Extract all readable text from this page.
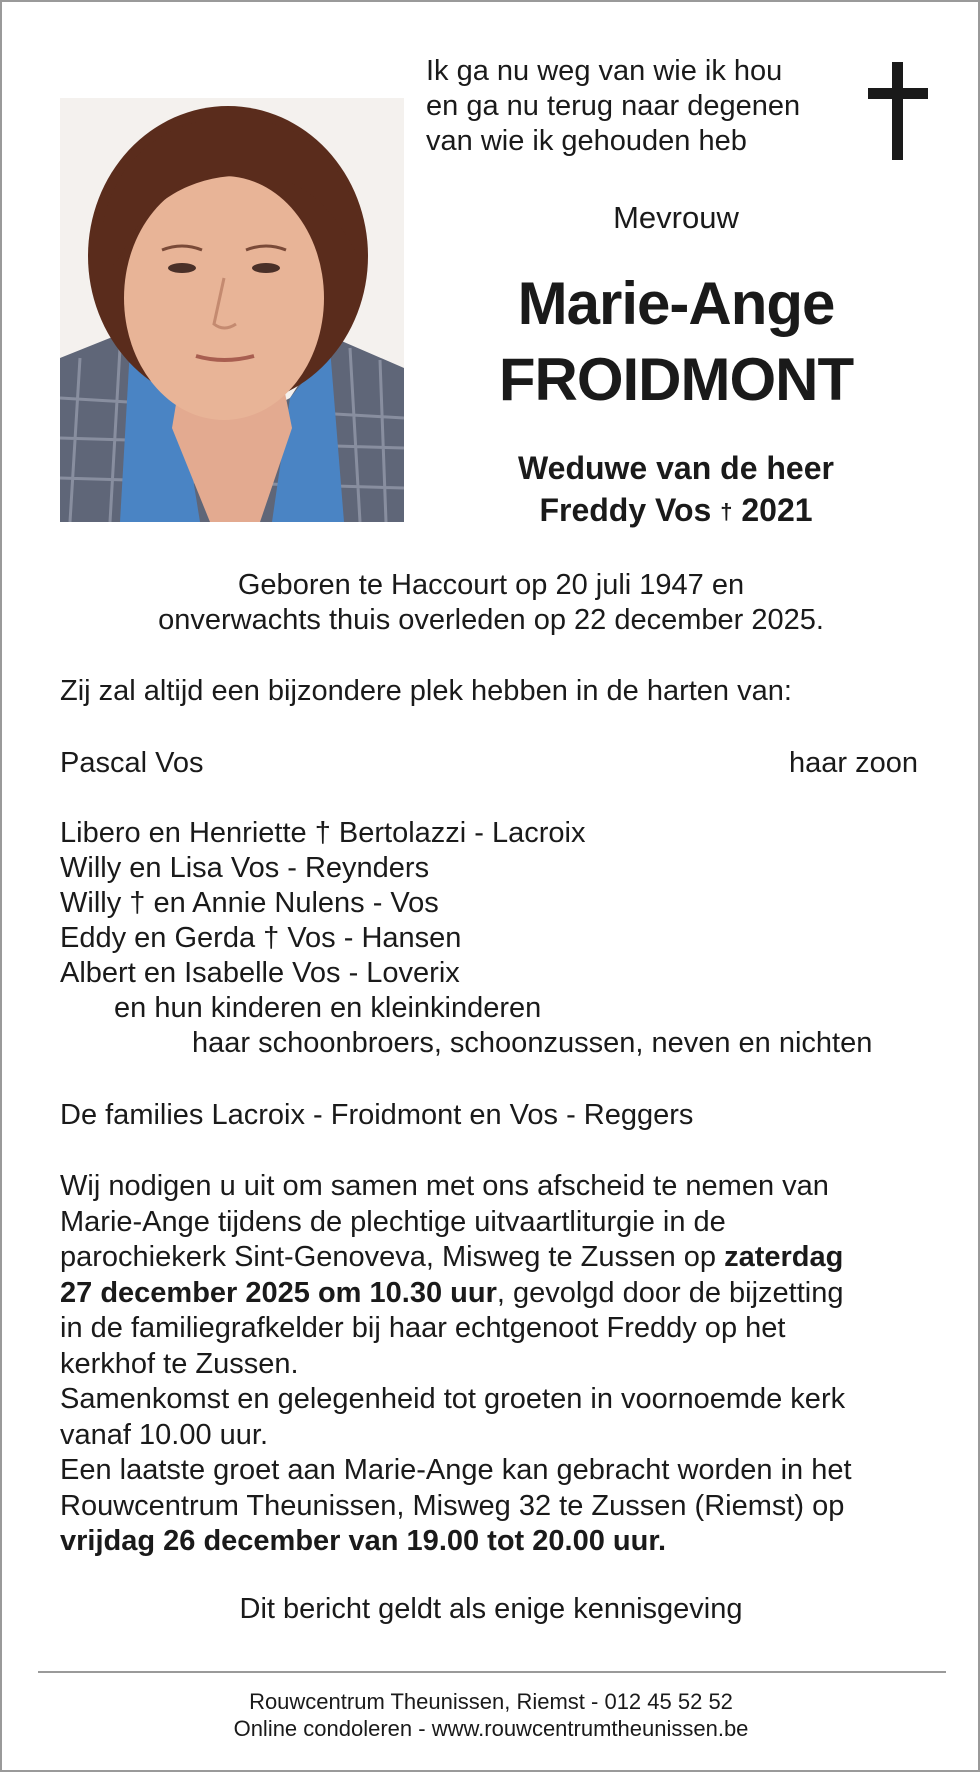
Ik ga nu weg van wie ik hou
en ga nu terug naar degenen
van wie ik gehouden heb
Mevrouw
Marie-Ange
FROIDMONT
Weduwe van de heer
Freddy Vos † 2021
Geboren te Haccourt op 20 juli 1947 en
onverwachts thuis overleden op 22 december 2025.
Zij zal altijd een bijzondere plek hebben in de harten van:
Pascal Vos	haar zoon
Libero en Henriette † Bertolazzi - Lacroix
Willy en Lisa Vos - Reynders
Willy † en Annie Nulens - Vos
Eddy en Gerda † Vos - Hansen
Albert en Isabelle Vos - Loverix
en hun kinderen en kleinkinderen
haar schoonbroers, schoonzussen, neven en nichten
De families Lacroix - Froidmont en Vos - Reggers
Wij nodigen u uit om samen met ons afscheid te nemen van
Marie-Ange tijdens de plechtige uitvaartliturgie in de
parochiekerk Sint-Genoveva, Misweg te Zussen op zaterdag
27 december 2025 om 10.30 uur, gevolgd door de bijzetting
in de familiegrafkelder bij haar echtgenoot Freddy op het
kerkhof te Zussen.
Samenkomst en gelegenheid tot groeten in voornoemde kerk
vanaf 10.00 uur.
Een laatste groet aan Marie-Ange kan gebracht worden in het
Rouwcentrum Theunissen, Misweg 32 te Zussen (Riemst) op
vrijdag 26 december van 19.00 tot 20.00 uur.
Dit bericht geldt als enige kennisgeving
Rouwcentrum Theunissen, Riemst - 012 45 52 52
Online condoleren - www.rouwcentrumtheunissen.be
